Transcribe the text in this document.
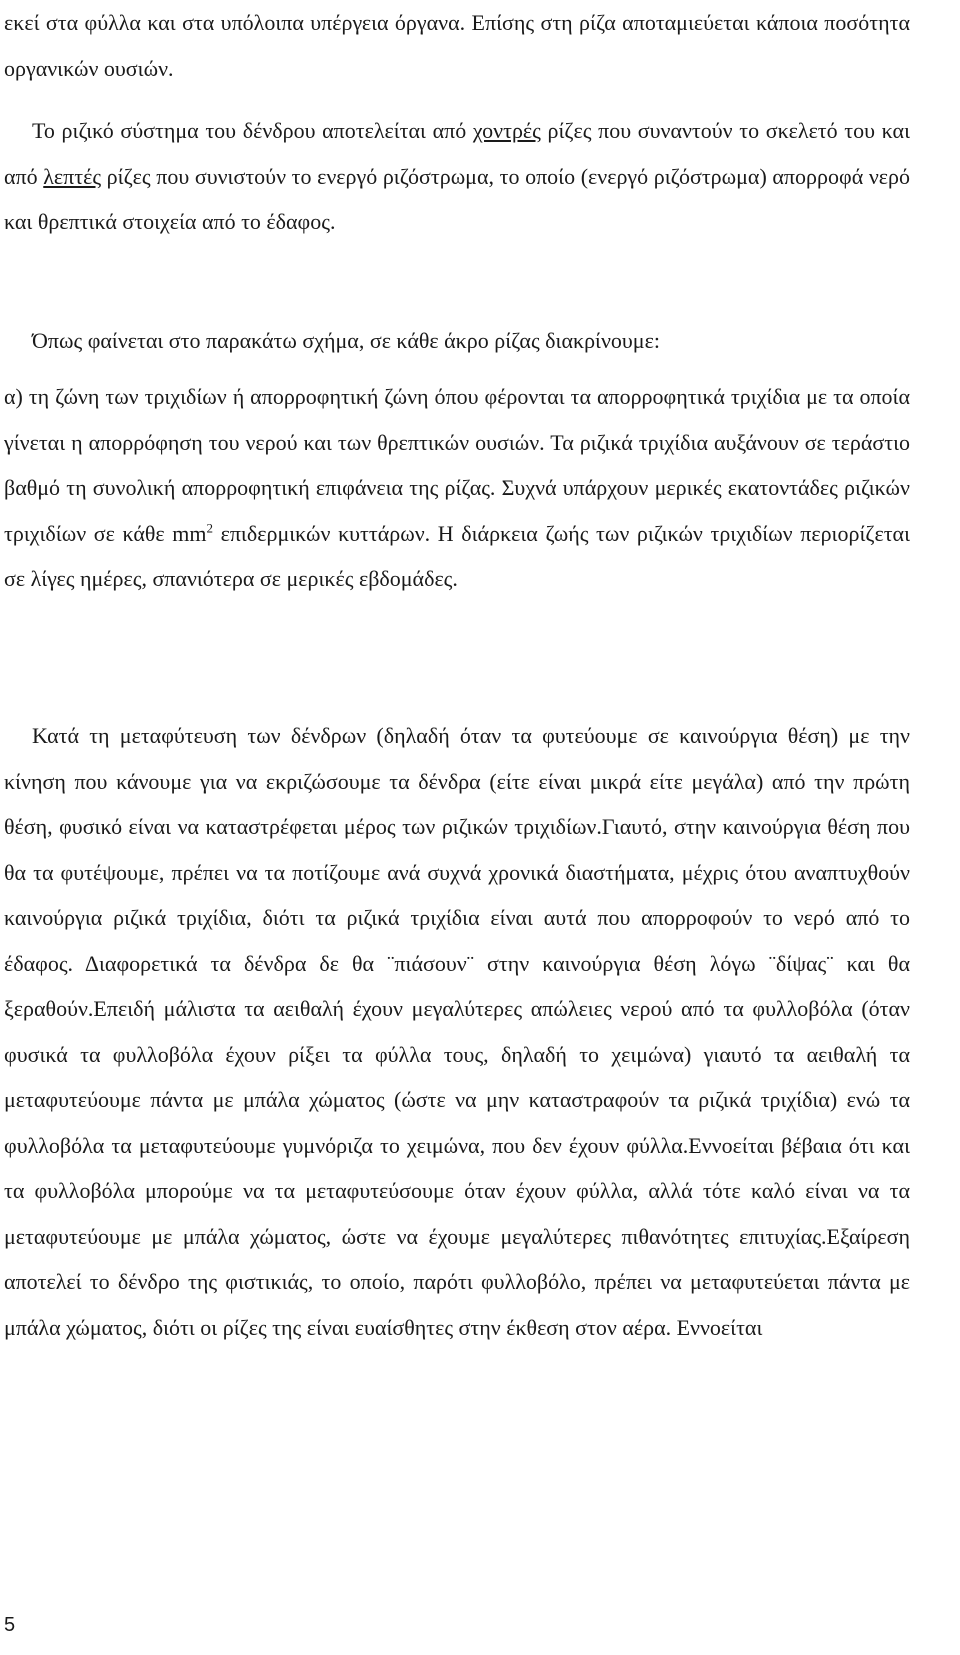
εκεί στα φύλλα και στα υπόλοιπα υπέργεια όργανα. Επίσης στη ρίζα αποταμιεύεται κάποια ποσότητα οργανικών ουσιών.

Το ριζικό σύστημα του δένδρου αποτελείται από χοντρές ρίζες που συναντούν το σκελετό του και από λεπτές ρίζες που συνιστούν το ενεργό ριζόστρωμα, το οποίο (ενεργό ριζόστρωμα) απορροφά νερό και θρεπτικά στοιχεία από το έδαφος.

Όπως φαίνεται στο παρακάτω σχήμα, σε κάθε άκρο ρίζας διακρίνουμε:

α) τη ζώνη των τριχιδίων ή απορροφητική ζώνη όπου φέρονται τα απορροφητικά τριχίδια με τα οποία γίνεται η απορρόφηση του νερού και των θρεπτικών ουσιών. Τα ριζικά τριχίδια αυξάνουν σε τεράστιο βαθμό τη συνολική απορροφητική επιφάνεια της ρίζας. Συχνά υπάρχουν μερικές εκατοντάδες ριζικών τριχιδίων σε κάθε $mm^2$ επιδερμικών κυττάρων. Η διάρκεια ζωής των ριζικών τριχιδίων περιορίζεται σε λίγες ημέρες, σπανιότερα σε μερικές εβδομάδες.

Κατά τη μεταφύτευση των δένδρων (δηλαδή όταν τα φυτεύουμε σε καινούργια θέση) με την κίνηση που κάνουμε για να εκριζώσουμε τα δένδρα (είτε είναι μικρά είτε μεγάλα) από την πρώτη θέση, φυσικό είναι να καταστρέφεται μέρος των ριζικών τριχιδίων.Γιαυτό, στην καινούργια θέση που θα τα φυτέψουμε, πρέπει να τα ποτίζουμε ανά συχνά χρονικά διαστήματα, μέχρις ότου αναπτυχθούν καινούργια ριζικά τριχίδια, διότι τα ριζικά τριχίδια είναι αυτά που απορροφούν το νερό από το έδαφος. Διαφορετικά τα δένδρα δε θα ¨πιάσουν¨ στην καινούργια θέση λόγω ¨δίψας¨ και θα ξεραθούν.Επειδή μάλιστα τα αειθαλή έχουν μεγαλύτερες απώλειες νερού από τα φυλλοβόλα (όταν φυσικά τα φυλλοβόλα έχουν ρίξει τα φύλλα τους, δηλαδή το χειμώνα) γιαυτό τα αειθαλή τα μεταφυτεύουμε πάντα με μπάλα χώματος (ώστε να μην καταστραφούν τα ριζικά τριχίδια) ενώ τα φυλλοβόλα τα μεταφυτεύουμε γυμνόριζα το χειμώνα, που δεν έχουν φύλλα.Εννοείται βέβαια ότι και τα φυλλοβόλα μπορούμε να τα μεταφυτεύσουμε όταν έχουν φύλλα, αλλά τότε καλό είναι να τα μεταφυτεύουμε με μπάλα χώματος, ώστε να έχουμε μεγαλύτερες πιθανότητες επιτυχίας.Εξαίρεση αποτελεί το δένδρο της φιστικιάς, το οποίο, παρότι φυλλοβόλο, πρέπει να μεταφυτεύεται πάντα με μπάλα χώματος, διότι οι ρίζες της είναι ευαίσθητες στην έκθεση στον αέρα. Εννοείται

5
